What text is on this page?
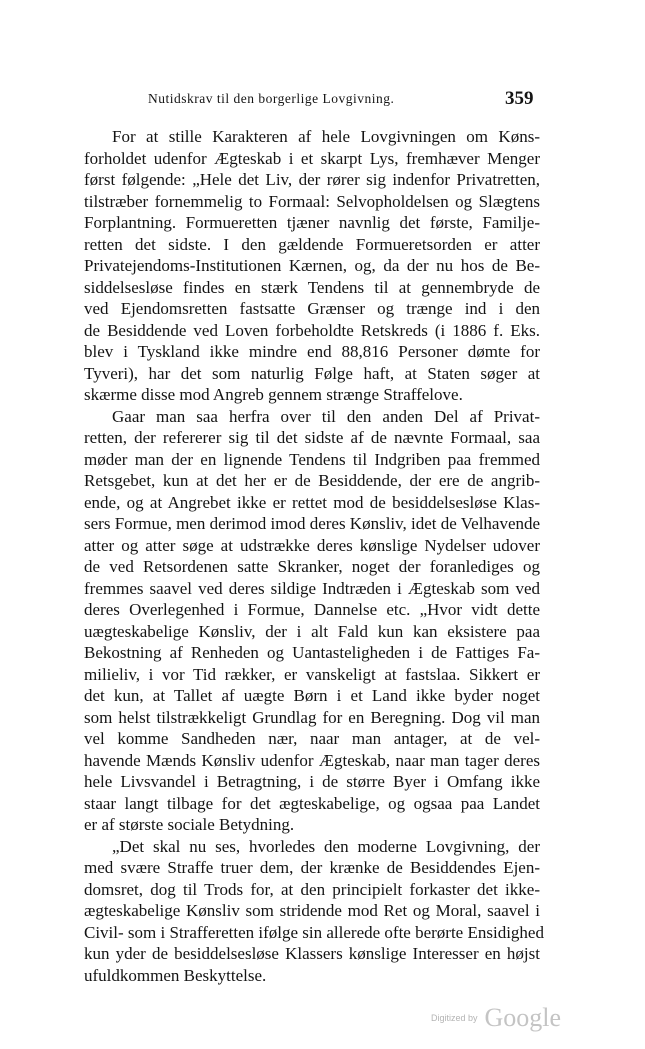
Nutidskrav til den borgerlige Lovgivning.	359
For at stille Karakteren af hele Lovgivningen om Køns-
forholdet udenfor Ægteskab i et skarpt Lys, fremhæver Menger
først følgende: „Hele det Liv, der rører sig indenfor Privatretten,
tilstræber fornemmelig to Formaal: Selvopholdelsen og Slægtens
Forplantning. Formueretten tjæner navnlig det første, Familje-
retten det sidste. I den gældende Formueretsorden er atter
Privatejendoms-Institutionen Kærnen, og, da der nu hos de Be-
siddelsesløse findes en stærk Tendens til at gennembryde de
ved Ejendomsretten fastsatte Grænser og trænge ind i den
de Besiddende ved Loven forbeholdte Retskreds (i 1886 f. Eks.
blev i Tyskland ikke mindre end 88,816 Personer dømte for
Tyveri), har det som naturlig Følge haft, at Staten søger at
skærme disse mod Angreb gennem strænge Straffelove.
Gaar man saa herfra over til den anden Del af Privat-
retten, der refererer sig til det sidste af de nævnte Formaal, saa
møder man der en lignende Tendens til Indgriben paa fremmed
Retsgebet, kun at det her er de Besiddende, der ere de angrib-
ende, og at Angrebet ikke er rettet mod de besiddelsesløse Klas-
sers Formue, men derimod imod deres Kønsliv, idet de Velhavende
atter og atter søge at udstrække deres kønslige Nydelser udover
de ved Retsordenen satte Skranker, noget der foranlediges og
fremmes saavel ved deres sildige Indtræden i Ægteskab som ved
deres Overlegenhed i Formue, Dannelse etc. „Hvor vidt dette
uægteskabelige Kønsliv, der i alt Fald kun kan eksistere paa
Bekostning af Renheden og Uantasteligheden i de Fattiges Fa-
milieliv, i vor Tid rækker, er vanskeligt at fastslaa. Sikkert er
det kun, at Tallet af uægte Børn i et Land ikke byder noget
som helst tilstrækkeligt Grundlag for en Beregning. Dog vil man
vel komme Sandheden nær, naar man antager, at de vel-
havende Mænds Kønsliv udenfor Ægteskab, naar man tager deres
hele Livsvandel i Betragtning, i de større Byer i Omfang ikke
staar langt tilbage for det ægteskabelige, og ogsaa paa Landet
er af største sociale Betydning.
„Det skal nu ses, hvorledes den moderne Lovgivning, der
med svære Straffe truer dem, der krænke de Besiddendes Ejen-
domsret, dog til Trods for, at den principielt forkaster det ikke-
ægteskabelige Kønsliv som stridende mod Ret og Moral, saavel i
Civil- som i Strafferetten ifølge sin allerede ofte berørte Ensidighed
kun yder de besiddelsesløse Klassers kønslige Interesser en højst
ufuldkommen Beskyttelse.
Digitized by Google
